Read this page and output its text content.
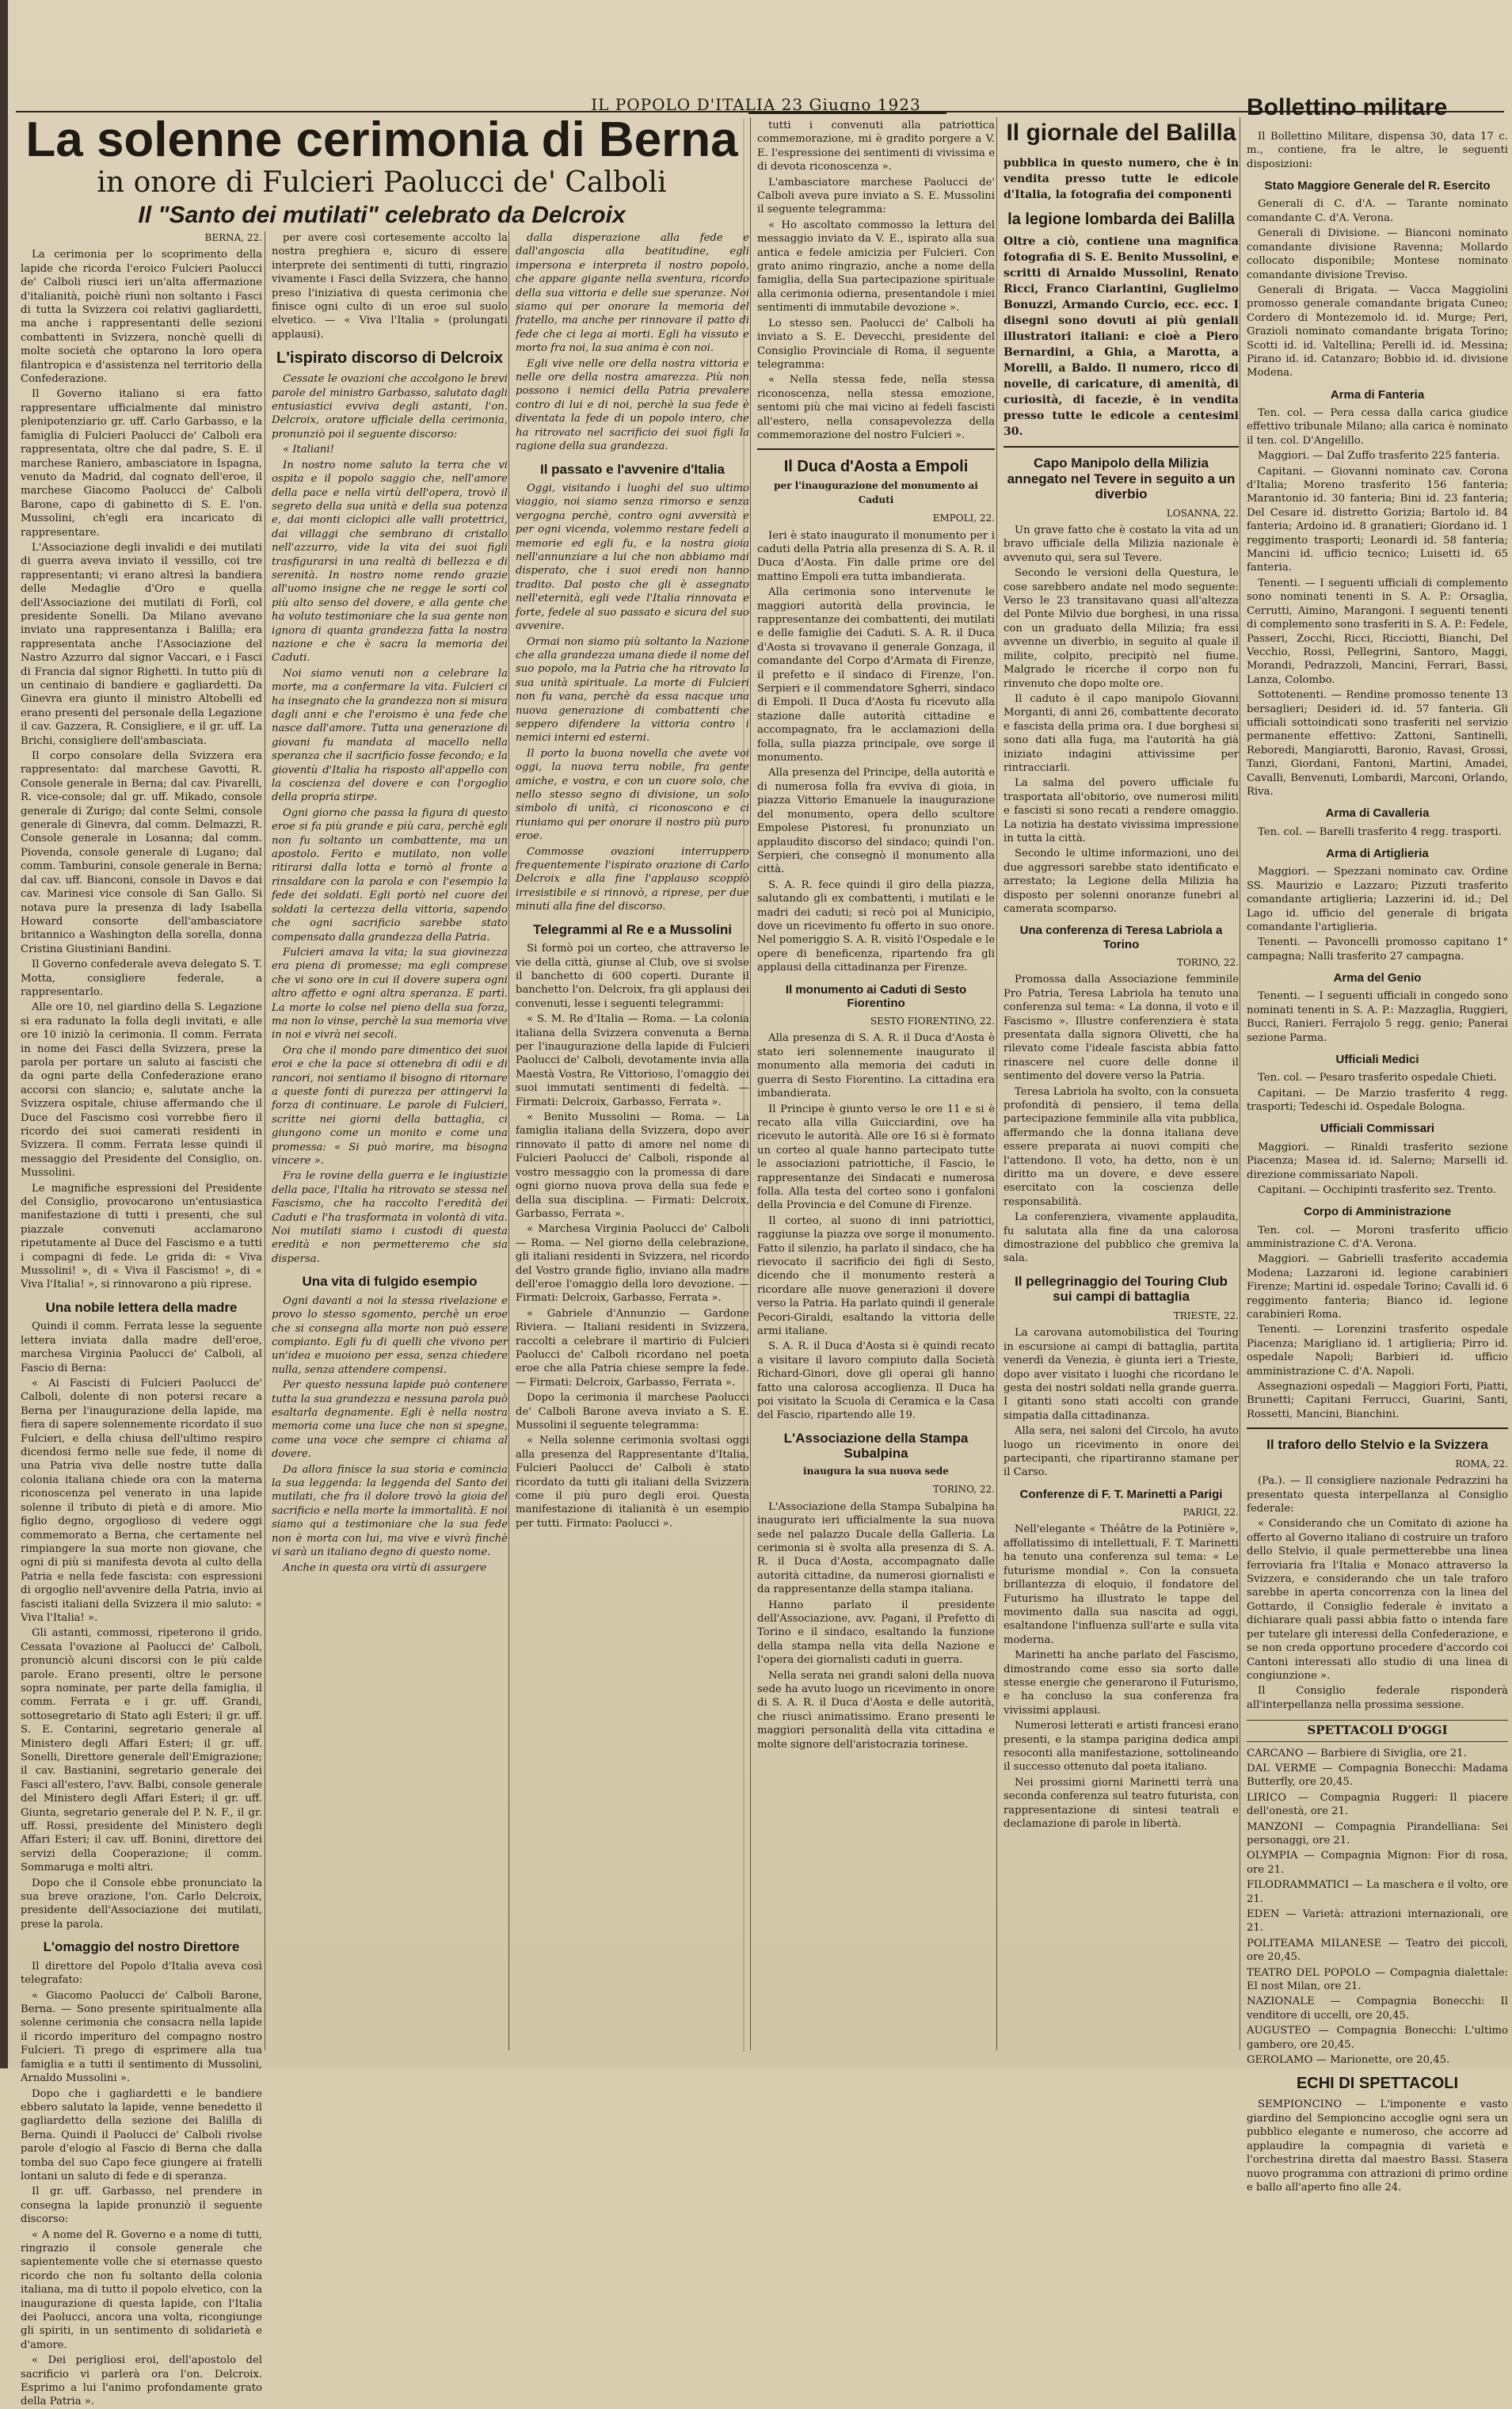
IL POPOLO D'ITALIA 23 Giugno 1923
La solenne cerimonia di Berna
in onore di Fulcieri Paolucci de' Calboli
Il "Santo dei mutilati" celebrato da Delcroix
BERNA, 22.

La cerimonia per lo scoprimento della lapide che ricorda l'eroico Fulcieri Paolucci de' Calboli riusci ieri un'alta affermazione d'italianità, poichè riunì non soltanto i Fasci di tutta la Svizzera coi relativi gagliardetti, ma anche i rappresentanti delle sezioni combattenti in Svizzera, nonchè quelli di molte società che optarono la loro opera filantropica e d'assistenza nel territorio della Confederazione.

Il Governo italiano si era fatto rappresentare ufficialmente dal ministro plenipotenziario gr. uff. Carlo Garbasso, e la famiglia di Fulcieri Paolucci de' Calboli era rappresentata, oltre che dal padre, S. E. il marchese Raniero, ambasciatore in Ispagna, venuto da Madrid, dal cognato dell'eroe, il marchese Giacomo Paolucci de' Calboli Barone, capo di gabinetto di S. E. l'on. Mussolini, ch'egli era incaricato di rappresentare.

L'Associazione degli invalidi e dei mutilati di guerra aveva inviato il vessillo, coi tre rappresentanti; vi erano altresì la bandiera delle Medaglie d'Oro e quella dell'Associazione dei mutilati di Forlì, col presidente Sonelli. Da Milano avevano inviato una rappresentanza i Balilla; era rappresentata anche l'Associazione del Nastro Azzurro dal signor Vaccari, e i Fasci di Francia dal signor Righetti. In tutto più di un centinaio di bandiere e gagliardetti. Da Ginevra era giunto il ministro Altobelli ed erano presenti del personale della Legazione il cav. Gazzera, R. Consigliere, e il gr. uff. La Brichi, consigliere dell'ambasciata.

Il corpo consolare della Svizzera era rappresentato: dal marchese Gavotti, R. Console generale in Berna; dal cav. Pivarelli, R. vice-console; dal gr. uff. Mikado, console generale di Zurigo; dal conte Selmi, console generale di Ginevra, dal comm. Delmazzi, R. Console generale in Losanna; dal comm. Piovenda, console generale di Lugano; dal comm. Tamburini, console generale in Berna; dal cav. uff. Bianconi, console in Davos e dai cav. Marinesi vice console di San Gallo. Si notava pure la presenza di lady Isabella Howard consorte dell'ambasciatore britannico a Washington della sorella, donna Cristina Giustiniani Bandini.

Il Governo confederale aveva delegato S. T. Motta, consigliere federale, a rappresentarlo.

Alle ore 10, nel giardino della S. Legazione si era radunato la folla degli invitati, e alle ore 10 iniziò la cerimonia. Il comm. Ferrata in nome dei Fasci della Svizzera, prese la parola per portare un saluto ai fascisti che da ogni parte della Confederazione erano accorsi con slancio; e, salutate anche la Svizzera ospitale, chiuse affermando che il Duce del Fascismo così vorrebbe fiero il ricordo dei suoi camerati residenti in Svizzera. Il comm. Ferrata lesse quindi il messaggio del Presidente del Consiglio, on. Mussolini.

Le magnifiche espressioni del Presidente del Consiglio, provocarono un'entusiastica manifestazione di tutti i presenti, che sul piazzale convenuti acclamarono ripetutamente al Duce del Fascismo e a tutti i compagni di fede. Le grida di: « Viva Mussolini! », di « Viva il Fascismo! », di « Viva l'Italia! », si rinnovarono a più riprese.

Una nobile lettera della madre

Quindi il comm. Ferrata lesse la seguente lettera inviata dalla madre dell'eroe, marchesa Virginia Paolucci de' Calboli, al Fascio di Berna:

« Ai Fascisti di Fulcieri Paolucci de' Calboli, dolente di non potersi recare a Berna per l'inaugurazione della lapide, ma fiera di sapere solennemente ricordato il suo Fulcieri, e della chiusa dell'ultimo respiro dicendosi fermo nelle sue fede, il nome di una Patria viva delle nostre tutte dalla colonia italiana chiede ora con la materna riconoscenza pel venerato in una lapide solenne il tributo di pietà e di amore. Mio figlio degno, orgoglioso di vedere oggi commemorato a Berna, che certamente nel rimpiangere la sua morte non giovane, che ogni di più si manifesta devota al culto della Patria e nella fede fascista: con espressioni di orgoglio nell'avvenire della Patria, invio ai fascisti italiani della Svizzera il mio saluto: « Viva l'Italia! ».

Gli astanti, commossi, ripeterono il grido. Cessata l'ovazione al Paolucci de' Calboli, pronunciò alcuni discorsi con le più calde parole. Erano presenti, oltre le persone sopra nominate, per parte della famiglia, il comm. Ferrata e i gr. uff. Grandi, sottosegretario di Stato agli Esteri; il gr. uff. S. E. Contarini, segretario generale al Ministero degli Affari Esteri; il gr. uff. Sonelli, Direttore generale dell'Emigrazione; il cav. Bastianini, segretario generale dei Fasci all'estero, l'avv. Balbi, console generale del Ministero degli Affari Esteri; il gr. uff. Giunta, segretario generale del P. N. F., il gr. uff. Rossi, presidente del Ministero degli Affari Esteri; il cav. uff. Bonini, direttore dei servizi della Cooperazione; il comm. Sommaruga e molti altri.

Dopo che il Console ebbe pronunciato la sua breve orazione, l'on. Carlo Delcroix, presidente dell'Associazione dei mutilati, prese la parola.

L'omaggio del nostro Direttore

Il direttore del Popolo d'Italia aveva così telegrafato:

« Giacomo Paolucci de' Calboli Barone, Berna. — Sono presente spiritualmente alla solenne cerimonia che consacra nella lapide il ricordo imperituro del compagno nostro Fulcieri. Ti prego di esprimere alla tua famiglia e a tutti il sentimento di Mussolini, Arnaldo Mussolini ».

Dopo che i gagliardetti e le bandiere ebbero salutato la lapide, venne benedetto il gagliardetto della sezione dei Balilla di Berna. Quindi il Paolucci de' Calboli rivolse parole d'elogio al Fascio di Berna che dalla tomba del suo Capo fece giungere ai fratelli lontani un saluto di fede e di speranza.

Il gr. uff. Garbasso, nel prendere in consegna la lapide pronunziò il seguente discorso:

« A nome del R. Governo e a nome di tutti, ringrazio il console generale che sapientemente volle che si eternasse questo ricordo che non fu soltanto della colonia italiana, ma di tutto il popolo elvetico, con la inaugurazione di questa lapide, con l'Italia dei Paolucci, ancora una volta, ricongiunge gli spiriti, in un sentimento di solidarietà e d'amore.

« Dei perigliosi eroi, dell'apostolo del sacrificio vi parlerà ora l'on. Delcroix. Esprimo a lui l'animo profondamente grato della Patria ».

per avere così cortesemente accolto la nostra preghiera e, sicuro di essere interprete dei sentimenti di tutti, ringrazio vivamente i Fasci della Svizzera, che hanno preso l'iniziativa di questa cerimonia che finisce ogni culto di un eroe sul suolo elvetico. — « Viva l'Italia » (prolungati applausi).

L'ispirato discorso di Delcroix

Cessate le ovazioni che accolgono le brevi parole del ministro Garbasso, salutato dagli entusiastici evviva degli astanti, l'on. Delcroix, oratore ufficiale della cerimonia, pronunziò poi il seguente discorso:

« Italiani!

In nostro nome saluto la terra che vi ospita e il popolo saggio che, nell'amore della pace e nella virtù dell'opera, trovò il segreto della sua unità e della sua potenza e, dai monti ciclopici alle valli protettrici, dai villaggi che sembrano di cristallo nell'azzurro, vide la vita dei suoi figli trasfigurarsi in una realtà di bellezza e di serenità. In nostro nome rendo grazie all'uomo insigne che ne regge le sorti col più alto senso del dovere, e alla gente che ha voluto testimoniare che la sua gente non ignora di quanta grandezza fatta la nostra nazione e che è sacra la memoria dei Caduti.

Noi siamo venuti non a celebrare la morte, ma a confermare la vita. Fulcieri ci ha insegnato che la grandezza non si misura dagli anni e che l'eroismo è una fede che nasce dall'amore. Tutta una generazione di giovani fu mandata al macello nella speranza che il sacrificio fosse fecondo; e la gioventù d'Italia ha risposto all'appello con la coscienza del dovere e con l'orgoglio della propria stirpe.

Ogni giorno che passa la figura di questo eroe si fa più grande e più cara, perchè egli non fu soltanto un combattente, ma un apostolo. Ferito e mutilato, non volle ritirarsi dalla lotta e tornò al fronte a rinsaldare con la parola e con l'esempio la fede dei soldati. Egli portò nel cuore dei soldati la certezza della vittoria, sapendo che ogni sacrificio sarebbe stato compensato dalla grandezza della Patria.

Fulcieri amava la vita; la sua giovinezza era piena di promesse; ma egli comprese che vi sono ore in cui il dovere supera ogni altro affetto e ogni altra speranza. E partì. La morte lo colse nel pieno della sua forza, ma non lo vinse, perchè la sua memoria vive in noi e vivrà nei secoli.

Ora che il mondo pare dimentico dei suoi eroi e che la pace si ottenebra di odii e di rancori, noi sentiamo il bisogno di ritornare a queste fonti di purezza per attingervi la forza di continuare. Le parole di Fulcieri, scritte nei giorni della battaglia, ci giungono come un monito e come una promessa: « Si può morire, ma bisogna vincere ».

Fra le rovine della guerra e le ingiustizie della pace, l'Italia ha ritrovato se stessa nel Fascismo, che ha raccolto l'eredità dei Caduti e l'ha trasformata in volontà di vita. Noi mutilati siamo i custodi di questa eredità e non permetteremo che sia dispersa.

Una vita di fulgido esempio

Ogni davanti a noi la stessa rivelazione e provo lo stesso sgomento, perchè un eroe che si consegna alla morte non può essere compianto. Egli fu di quelli che vivono per un'idea e muoiono per essa, senza chiedere nulla, senza attendere compensi.

Per questo nessuna lapide può contenere tutta la sua grandezza e nessuna parola può esaltarla degnamente. Egli è nella nostra memoria come una luce che non si spegne, come una voce che sempre ci chiama al dovere.

Da allora finisce la sua storia e comincia la sua leggenda: la leggenda del Santo dei mutilati, che fra il dolore trovò la gioia del sacrificio e nella morte la immortalità. E noi siamo qui a testimoniare che la sua fede non è morta con lui, ma vive e vivrà finchè vi sarà un italiano degno di questo nome.

Anche in questa ora virtù di assurgere

dalla disperazione alla fede e dall'angoscia alla beatitudine, egli impersona e interpreta il nostro popolo, che appare gigante nella sventura, ricordo della sua vittoria e delle sue speranze. Noi siamo qui per onorare la memoria del fratello, ma anche per rinnovare il patto di fede che ci lega ai morti. Egli ha vissuto e morto fra noi, la sua anima è con noi.

Egli vive nelle ore della nostra vittoria e nelle ore della nostra amarezza. Più non possono i nemici della Patria prevalere contro di lui e di noi, perchè la sua fede è diventata la fede di un popolo intero, che ha ritrovato nel sacrificio dei suoi figli la ragione della sua grandezza.

Il passato e l'avvenire d'Italia

Oggi, visitando i luoghi del suo ultimo viaggio, noi siamo senza rimorso e senza vergogna perchè, contro ogni avversità e per ogni vicenda, volemmo restare fedeli a memorie ed egli fu, e la nostra gioia nell'annunziare a lui che non abbiamo mai disperato, che i suoi eredi non hanno tradito. Dal posto che gli è assegnato nell'eternità, egli vede l'Italia rinnovata e forte, fedele al suo passato e sicura del suo avvenire.

Ormai non siamo più soltanto la Nazione che alla grandezza umana diede il nome del suo popolo, ma la Patria che ha ritrovato la sua unità spirituale. La morte di Fulcieri non fu vana, perchè da essa nacque una nuova generazione di combattenti che seppero difendere la vittoria contro i nemici interni ed esterni.

Il porto la buona novella che avete voi oggi, la nuova terra nobile, fra gente amiche, e vostra, e con un cuore solo, che nello stesso segno di divisione, un solo simbolo di unità, ci riconoscono e ci riuniamo qui per onorare il nostro più puro eroe.

Commosse ovazioni interruppero frequentemente l'ispirato orazione di Carlo Delcroix e alla fine l'applauso scoppiò irresistibile e si rinnovò, a riprese, per due minuti alla fine del discorso.

Telegrammi al Re e a Mussolini

Si formò poi un corteo, che attraverso le vie della città, giunse al Club, ove si svolse il banchetto di 600 coperti. Durante il banchetto l'on. Delcroix, fra gli applausi dei convenuti, lesse i seguenti telegrammi:

« S. M. Re d'Italia — Roma. — La colonia italiana della Svizzera convenuta a Berna per l'inaugurazione della lapide di Fulcieri Paolucci de' Calboli, devotamente invia alla Maestà Vostra, Re Vittorioso, l'omaggio dei suoi immutati sentimenti di fedeltà. — Firmati: Delcroix, Garbasso, Ferrata ».

« Benito Mussolini — Roma. — La famiglia italiana della Svizzera, dopo aver rinnovato il patto di amore nel nome di Fulcieri Paolucci de' Calboli, risponde al vostro messaggio con la promessa di dare ogni giorno nuova prova della sua fede e della sua disciplina. — Firmati: Delcroix, Garbasso, Ferrata ».

« Marchesa Virginia Paolucci de' Calboli — Roma. — Nel giorno della celebrazione, gli italiani residenti in Svizzera, nel ricordo del Vostro grande figlio, inviano alla madre dell'eroe l'omaggio della loro devozione. — Firmati: Delcroix, Garbasso, Ferrata ».

« Gabriele d'Annunzio — Gardone Riviera. — Italiani residenti in Svizzera, raccolti a celebrare il martirio di Fulcieri Paolucci de' Calboli ricordano nel poeta eroe che alla Patria chiese sempre la fede. — Firmati: Delcroix, Garbasso, Ferrata ».

Dopo la cerimonia il marchese Paolucci de' Calboli Barone aveva inviato a S. E. Mussolini il seguente telegramma:

« Nella solenne cerimonia svoltasi oggi alla presenza del Rappresentante d'Italia, Fulcieri Paolucci de' Calboli è stato ricordato da tutti gli italiani della Svizzera come il più puro degli eroi. Questa manifestazione di italianità è un esempio per tutti. Firmato: Paolucci ».

tutti i convenuti alla patriottica commemorazione, mi è gradito porgere a V. E. l'espressione dei sentimenti di vivissima e di devota riconoscenza ».

L'ambasciatore marchese Paolucci de' Calboli aveva pure inviato a S. E. Mussolini il seguente telegramma:

« Ho ascoltato commosso la lettura del messaggio inviato da V. E., ispirato alla sua antica e fedele amicizia per Fulcieri. Con grato animo ringrazio, anche a nome della famiglia, della Sua partecipazione spirituale alla cerimonia odierna, presentandole i miei sentimenti di immutabile devozione ».

Lo stesso sen. Paolucci de' Calboli ha inviato a S. E. Devecchi, presidente del Consiglio Provinciale di Roma, il seguente telegramma:

« Nella stessa fede, nella stessa riconoscenza, nella stessa emozione, sentomi più che mai vicino ai fedeli fascisti all'estero, nella consapevolezza della commemorazione del nostro Fulcieri ».

Il Duca d'Aosta a Empoli
per l'inaugurazione del monumento ai Caduti
EMPOLI, 22.

Ieri è stato inaugurato il monumento per i caduti della Patria alla presenza di S. A. R. il Duca d'Aosta. Fin dalle prime ore del mattino Empoli era tutta imbandierata.

Alla cerimonia sono intervenute le maggiori autorità della provincia, le rappresentanze dei combattenti, dei mutilati e delle famiglie dei Caduti. S. A. R. il Duca d'Aosta si trovavano il generale Gonzaga, il comandante del Corpo d'Armata di Firenze, il prefetto e il sindaco di Firenze, l'on. Serpieri e il commendatore Sgherri, sindaco di Empoli. Il Duca d'Aosta fu ricevuto alla stazione dalle autorità cittadine e accompagnato, fra le acclamazioni della folla, sulla piazza principale, ove sorge il monumento.

Alla presenza del Principe, della autorità e di numerosa folla fra evviva di gioia, in piazza Vittorio Emanuele la inaugurazione del monumento, opera dello scultore Empolese Pistoresi, fu pronunziato un applaudito discorso del sindaco; quindi l'on. Serpieri, che consegnò il monumento alla città.

S. A. R. fece quindi il giro della piazza, salutando gli ex combattenti, i mutilati e le madri dei caduti; si recò poi al Municipio, dove un ricevimento fu offerto in suo onore. Nel pomeriggio S. A. R. visitò l'Ospedale e le opere di beneficenza, ripartendo fra gli applausi della cittadinanza per Firenze.

Il monumento ai Caduti di Sesto Fiorentino
SESTO FIORENTINO, 22.

Alla presenza di S. A. R. il Duca d'Aosta è stato ieri solennemente inaugurato il monumento alla memoria dei caduti in guerra di Sesto Fiorentino. La cittadina era imbandierata.

Il Principe è giunto verso le ore 11 e si è recato alla villa Guicciardini, ove ha ricevuto le autorità. Alle ore 16 si è formato un corteo al quale hanno partecipato tutte le associazioni patriottiche, il Fascio, le rappresentanze dei Sindacati e numerosa folla. Alla testa del corteo sono i gonfaloni della Provincia e del Comune di Firenze.

Il corteo, al suono di inni patriottici, raggiunse la piazza ove sorge il monumento. Fatto il silenzio, ha parlato il sindaco, che ha rievocato il sacrificio dei figli di Sesto, dicendo che il monumento resterà a ricordare alle nuove generazioni il dovere verso la Patria. Ha parlato quindi il generale Pecori-Giraldi, esaltando la vittoria delle armi italiane.

S. A. R. il Duca d'Aosta si è quindi recato a visitare il lavoro compiuto dalla Società Richard-Ginori, dove gli operai gli hanno fatto una calorosa accoglienza. Il Duca ha poi visitato la Scuola di Ceramica e la Casa del Fascio, ripartendo alle 19.

L'Associazione della Stampa Subalpina
inaugura la sua nuova sede
TORINO, 22.

L'Associazione della Stampa Subalpina ha inaugurato ieri ufficialmente la sua nuova sede nel palazzo Ducale della Galleria. La cerimonia si è svolta alla presenza di S. A. R. il Duca d'Aosta, accompagnato dalle autorità cittadine, da numerosi giornalisti e da rappresentanze della stampa italiana.

Hanno parlato il presidente dell'Associazione, avv. Pagani, il Prefetto di Torino e il sindaco, esaltando la funzione della stampa nella vita della Nazione e l'opera dei giornalisti caduti in guerra.

Nella serata nei grandi saloni della nuova sede ha avuto luogo un ricevimento in onore di S. A. R. il Duca d'Aosta e delle autorità, che riuscì animatissimo. Erano presenti le maggiori personalità della vita cittadina e molte signore dell'aristocrazia torinese.

Il giornale del Balilla
pubblica in questo numero, che è in vendita presso tutte le edicole d'Italia, la fotografia dei componenti
la legione lombarda dei Balilla
Oltre a ciò, contiene una magnifica fotografia di S. E. Benito Mussolini, e scritti di Arnaldo Mussolini, Renato Ricci, Franco Ciarlantini, Guglielmo Bonuzzi, Armando Curcio, ecc. ecc. I disegni sono dovuti ai più geniali illustratori italiani: e cioè a Piero Bernardini, a Ghia, a Marotta, a Morelli, a Baldo. Il numero, ricco di novelle, di caricature, di amenità, di curiosità, di facezie, è in vendita presso tutte le edicole a centesimi 30.
Capo Manipolo della Milizia annegato nel Tevere in seguito a un diverbio
LOSANNA, 22.

Un grave fatto che è costato la vita ad un bravo ufficiale della Milizia nazionale è avvenuto qui, sera sul Tevere.

Secondo le versioni della Questura, le cose sarebbero andate nel modo seguente: Verso le 23 transitavano quasi all'altezza del Ponte Milvio due borghesi, in una rissa con un graduato della Milizia; fra essi avvenne un diverbio, in seguito al quale il milite, colpito, precipitò nel fiume. Malgrado le ricerche il corpo non fu rinvenuto che dopo molte ore.

Il caduto è il capo manipolo Giovanni Morganti, di anni 26, combattente decorato e fascista della prima ora. I due borghesi si sono dati alla fuga, ma l'autorità ha già iniziato indagini attivissime per rintracciarli.

La salma del povero ufficiale fu trasportata all'obitorio, ove numerosi militi e fascisti si sono recati a rendere omaggio. La notizia ha destato vivissima impressione in tutta la città.

Secondo le ultime informazioni, uno dei due aggressori sarebbe stato identificato e arrestato; la Legione della Milizia ha disposto per solenni onoranze funebri al camerata scomparso.

Una conferenza di Teresa Labriola a Torino
TORINO, 22.

Promossa dalla Associazione femminile Pro Patria, Teresa Labriola ha tenuto una conferenza sul tema: « La donna, il voto e il Fascismo ». Illustre conferenziera è stata presentata dalla signora Olivetti, che ha rilevato come l'ideale fascista abbia fatto rinascere nel cuore delle donne il sentimento del dovere verso la Patria.

Teresa Labriola ha svolto, con la consueta profondità di pensiero, il tema della partecipazione femminile alla vita pubblica, affermando che la donna italiana deve essere preparata ai nuovi compiti che l'attendono. Il voto, ha detto, non è un diritto ma un dovere, e deve essere esercitato con la coscienza delle responsabilità.

La conferenziera, vivamente applaudita, fu salutata alla fine da una calorosa dimostrazione del pubblico che gremiva la sala.

Il pellegrinaggio del Touring Club sui campi di battaglia
TRIESTE, 22.

La carovana automobilistica del Touring in escursione ai campi di battaglia, partita venerdì da Venezia, è giunta ieri a Trieste, dopo aver visitato i luoghi che ricordano le gesta dei nostri soldati nella grande guerra. I gitanti sono stati accolti con grande simpatia dalla cittadinanza.

Alla sera, nei saloni del Circolo, ha avuto luogo un ricevimento in onore dei partecipanti, che ripartiranno stamane per il Carso.

Conferenze di F. T. Marinetti a Parigi
PARIGI, 22.

Nell'elegante « Théâtre de la Potinière », affollatissimo di intellettuali, F. T. Marinetti ha tenuto una conferenza sul tema: « Le futurisme mondial ». Con la consueta brillantezza di eloquio, il fondatore del Futurismo ha illustrato le tappe del movimento dalla sua nascita ad oggi, esaltandone l'influenza sull'arte e sulla vita moderna.

Marinetti ha anche parlato del Fascismo, dimostrando come esso sia sorto dalle stesse energie che generarono il Futurismo, e ha concluso la sua conferenza fra vivissimi applausi.

Numerosi letterati e artisti francesi erano presenti, e la stampa parigina dedica ampi resoconti alla manifestazione, sottolineando il successo ottenuto dal poeta italiano.

Nei prossimi giorni Marinetti terrà una seconda conferenza sul teatro futurista, con rappresentazione di sintesi teatrali e declamazione di parole in libertà.

Bollettino militare

Il Bollettino Militare, dispensa 30, data 17 c. m., contiene, fra le altre, le seguenti disposizioni:

Stato Maggiore Generale del R. Esercito

Generali di C. d'A. — Tarante nominato comandante C. d'A. Verona.

Generali di Divisione. — Bianconi nominato comandante divisione Ravenna; Mollardo collocato disponibile; Montese nominato comandante divisione Treviso.

Generali di Brigata. — Vacca Maggiolini promosso generale comandante brigata Cuneo; Cordero di Montezemolo id. id. Murge; Peri, Grazioli nominato comandante brigata Torino; Scotti id. id. Valtellina; Perelli id. id. Messina; Pirano id. id. Catanzaro; Bobbio id. id. divisione Modena.

Arma di Fanteria

Ten. col. — Pera cessa dalla carica giudice effettivo tribunale Milano; alla carica è nominato il ten. col. D'Angelillo.

Maggiori. — Dal Zuffo trasferito 225 fanteria.

Capitani. — Giovanni nominato cav. Corona d'Italia; Moreno trasferito 156 fanteria; Marantonio id. 30 fanteria; Bini id. 23 fanteria; Del Cesare id. distretto Gorizia; Bartolo id. 84 fanteria; Ardoino id. 8 granatieri; Giordano id. 1 reggimento trasporti; Leonardi id. 58 fanteria; Mancini id. ufficio tecnico; Luisetti id. 65 fanteria.

Tenenti. — I seguenti ufficiali di complemento sono nominati tenenti in S. A. P.: Orsaglia, Cerrutti, Aimino, Marangoni. I seguenti tenenti di complemento sono trasferiti in S. A. P.: Fedele, Passeri, Zocchi, Ricci, Ricciotti, Bianchi, Del Vecchio, Rossi, Pellegrini, Santoro, Maggi, Morandi, Pedrazzoli, Mancini, Ferrari, Bassi, Lanza, Colombo.

Sottotenenti. — Rendine promosso tenente 13 bersaglieri; Desideri id. id. 57 fanteria. Gli ufficiali sottoindicati sono trasferiti nel servizio permanente effettivo: Zattoni, Santinelli, Reboredi, Mangiarotti, Baronio, Ravasi, Grossi, Tanzi, Giordani, Fantoni, Martini, Amadei, Cavalli, Benvenuti, Lombardi, Marconi, Orlando, Riva.

Arma di Cavalleria

Ten. col. — Barelli trasferito 4 regg. trasporti.

Arma di Artiglieria

Maggiori. — Spezzani nominato cav. Ordine SS. Maurizio e Lazzaro; Pizzuti trasferito comandante artiglieria; Lazzerini id. id.; Del Lago id. ufficio del generale di brigata comandante l'artiglieria.

Tenenti. — Pavoncelli promosso capitano 1° campagna; Nalli trasferito 27 campagna.

Arma del Genio

Tenenti. — I seguenti ufficiali in congedo sono nominati tenenti in S. A. P.: Mazzaglia, Ruggieri, Bucci, Ranieri. Ferrajolo 5 regg. genio; Panerai sezione Parma.

Ufficiali Medici

Ten. col. — Pesaro trasferito ospedale Chieti.

Capitani. — De Marzio trasferito 4 regg. trasporti; Tedeschi id. Ospedale Bologna.

Ufficiali Commissari

Maggiori. — Rinaldi trasferito sezione Piacenza; Masea id. id. Salerno; Marselli id. direzione commissariato Napoli.

Capitani. — Occhipinti trasferito sez. Trento.

Corpo di Amministrazione

Ten. col. — Moroni trasferito ufficio amministrazione C. d'A. Verona.

Maggiori. — Gabrielli trasferito accademia Modena; Lazzaroni id. legione carabinieri Firenze; Martini id. ospedale Torino; Cavalli id. 6 reggimento fanteria; Bianco id. legione carabinieri Roma.

Tenenti. — Lorenzini trasferito ospedale Piacenza; Marigliano id. 1 artiglieria; Pirro id. ospedale Napoli; Barbieri id. ufficio amministrazione C. d'A. Napoli.

Assegnazioni ospedali — Maggiori Forti, Piatti, Brunetti; Capitani Ferrucci, Guarini, Santi, Rossetti, Mancini, Bianchini.

Il traforo dello Stelvio e la Svizzera
ROMA, 22.

(Pa.). — Il consigliere nazionale Pedrazzini ha presentato questa interpellanza al Consiglio federale:

« Considerando che un Comitato di azione ha offerto al Governo italiano di costruire un traforo dello Stelvio, il quale permetterebbe una linea ferroviaria fra l'Italia e Monaco attraverso la Svizzera, e considerando che un tale traforo sarebbe in aperta concorrenza con la linea del Gottardo, il Consiglio federale è invitato a dichiarare quali passi abbia fatto o intenda fare per tutelare gli interessi della Confederazione, e se non creda opportuno procedere d'accordo coi Cantoni interessati allo studio di una linea di congiunzione ».

Il Consiglio federale risponderà all'interpellanza nella prossima sessione.

SPETTACOLI D'OGGI

CARCANO — Barbiere di Siviglia, ore 21.

DAL VERME — Compagnia Bonecchi: Madama Butterfly, ore 20,45.

LIRICO — Compagnia Ruggeri: Il piacere dell'onestà, ore 21.

MANZONI — Compagnia Pirandelliana: Sei personaggi, ore 21.

OLYMPIA — Compagnia Mignon: Fior di rosa, ore 21.

FILODRAMMATICI — La maschera e il volto, ore 21.

EDEN — Varietà: attrazioni internazionali, ore 21.

POLITEAMA MILANESE — Teatro dei piccoli, ore 20,45.

TEATRO DEL POPOLO — Compagnia dialettale: El nost Milan, ore 21.

NAZIONALE — Compagnia Bonecchi: Il venditore di uccelli, ore 20,45.

AUGUSTEO — Compagnia Bonecchi: L'ultimo gambero, ore 20,45.

GEROLAMO — Marionette, ore 20,45.

ECHI DI SPETTACOLI

SEMPIONCINO — L'imponente e vasto giardino del Sempioncino accoglie ogni sera un pubblico elegante e numeroso, che accorre ad applaudire la compagnia di varietà e l'orchestrina diretta dal maestro Bassi. Stasera nuovo programma con attrazioni di primo ordine e ballo all'aperto fino alle 24.
